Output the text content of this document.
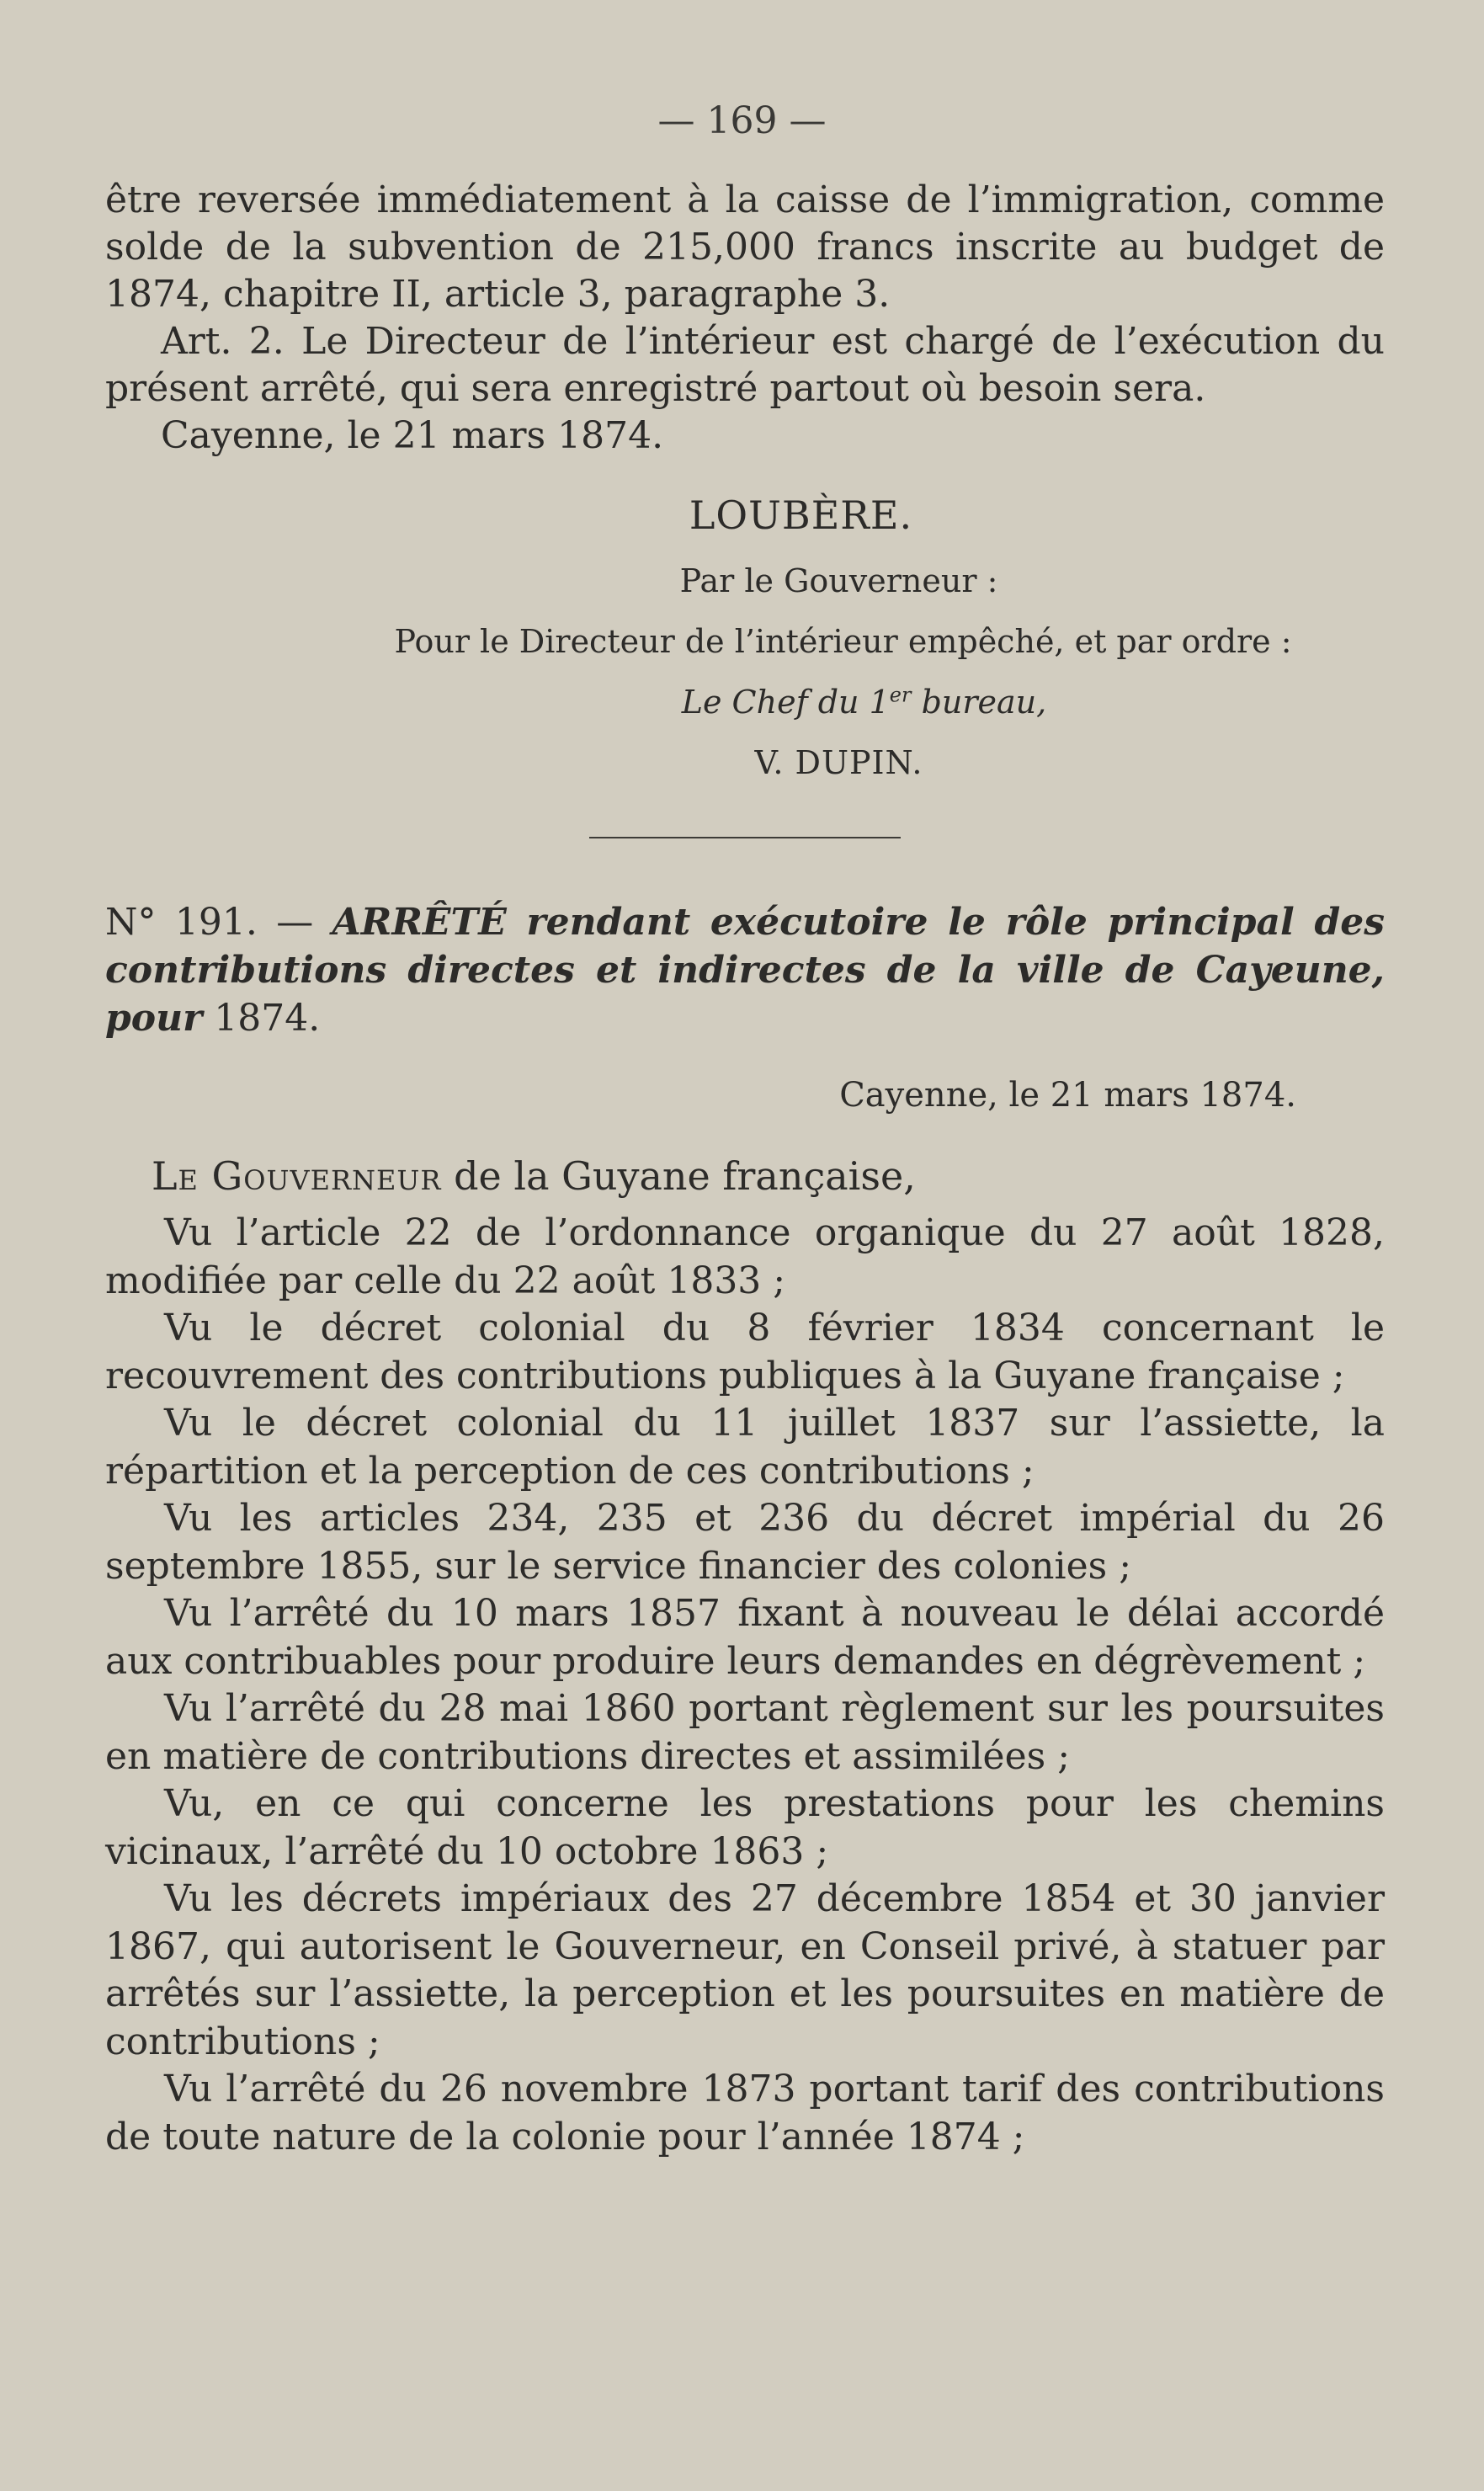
— 169 —

être reversée immédiatement à la caisse de l’immigration, comme solde de la subvention de 215,000 francs inscrite au budget de 1874, chapitre II, article 3, paragraphe 3.

Art. 2. Le Directeur de l’intérieur est chargé de l’exécution du présent arrêté, qui sera enregistré partout où besoin sera.

Cayenne, le 21 mars 1874.

LOUBÈRE.
Par le Gouverneur :
Pour le Directeur de l’intérieur empêché, et par ordre :
Le Chef du 1er bureau,
V. DUPIN.
N° 191. — ARRÊTÉ rendant exécutoire le rôle principal des contributions directes et indirectes de la ville de Cayeune, pour 1874.
Cayenne, le 21 mars 1874.
Le Gouverneur de la Guyane française,

Vu l’article 22 de l’ordonnance organique du 27 août 1828, modifiée par celle du 22 août 1833 ;

Vu le décret colonial du 8 février 1834 concernant le recouvrement des contributions publiques à la Guyane française ;

Vu le décret colonial du 11 juillet 1837 sur l’assiette, la répartition et la perception de ces contributions ;

Vu les articles 234, 235 et 236 du décret impérial du 26 septembre 1855, sur le service financier des colonies ;

Vu l’arrêté du 10 mars 1857 fixant à nouveau le délai accordé aux contribuables pour produire leurs demandes en dégrèvement ;

Vu l’arrêté du 28 mai 1860 portant règlement sur les poursuites en matière de contributions directes et assimilées ;

Vu, en ce qui concerne les prestations pour les chemins vicinaux, l’arrêté du 10 octobre 1863 ;

Vu les décrets impériaux des 27 décembre 1854 et 30 janvier 1867, qui autorisent le Gouverneur, en Conseil privé, à statuer par arrêtés sur l’assiette, la perception et les poursuites en matière de contributions ;

Vu l’arrêté du 26 novembre 1873 portant tarif des contributions de toute nature de la colonie pour l’année 1874 ;
